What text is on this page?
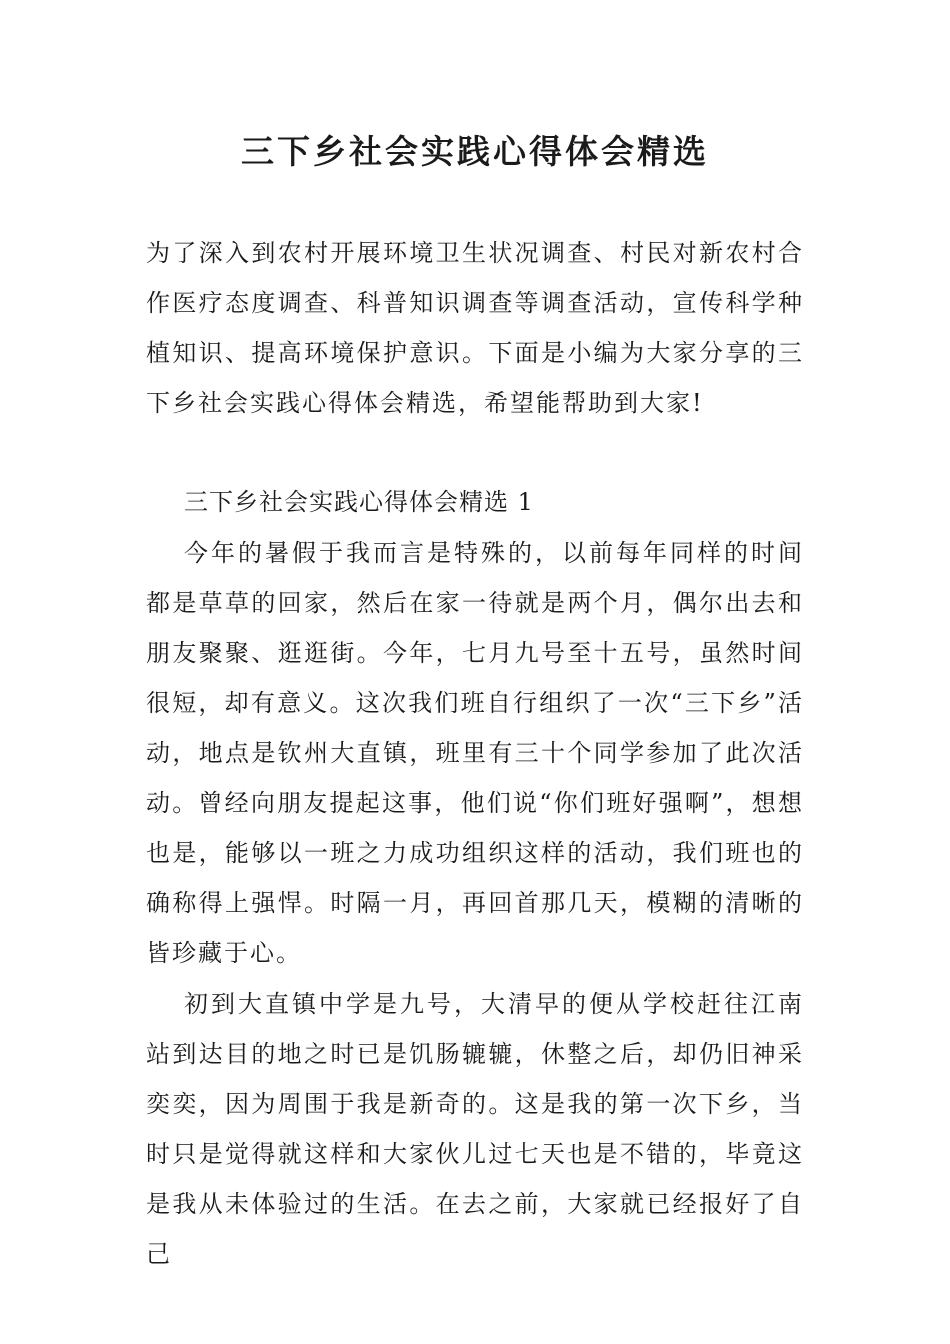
三下乡社会实践心得体会精选

为了深入到农村开展环境卫生状况调查、村民对新农村合作医疗态度调查、科普知识调查等调查活动，宣传科学种植知识、提高环境保护意识。下面是小编为大家分享的三下乡社会实践心得体会精选，希望能帮助到大家!

三下乡社会实践心得体会精选 1

今年的暑假于我而言是特殊的，以前每年同样的时间都是草草的回家，然后在家一待就是两个月，偶尔出去和朋友聚聚、逛逛街。今年，七月九号至十五号，虽然时间很短，却有意义。这次我们班自行组织了一次“三下乡”活动，地点是钦州大直镇，班里有三十个同学参加了此次活动。曾经向朋友提起这事，他们说“你们班好强啊”，想想也是，能够以一班之力成功组织这样的活动，我们班也的确称得上强悍。时隔一月，再回首那几天，模糊的清晰的皆珍藏于心。

初到大直镇中学是九号，大清早的便从学校赶往江南站到达目的地之时已是饥肠辘辘，休整之后，却仍旧神采奕奕，因为周围于我是新奇的。这是我的第一次下乡，当时只是觉得就这样和大家伙儿过七天也是不错的，毕竟这是我从未体验过的生活。在去之前，大家就已经报好了自己
